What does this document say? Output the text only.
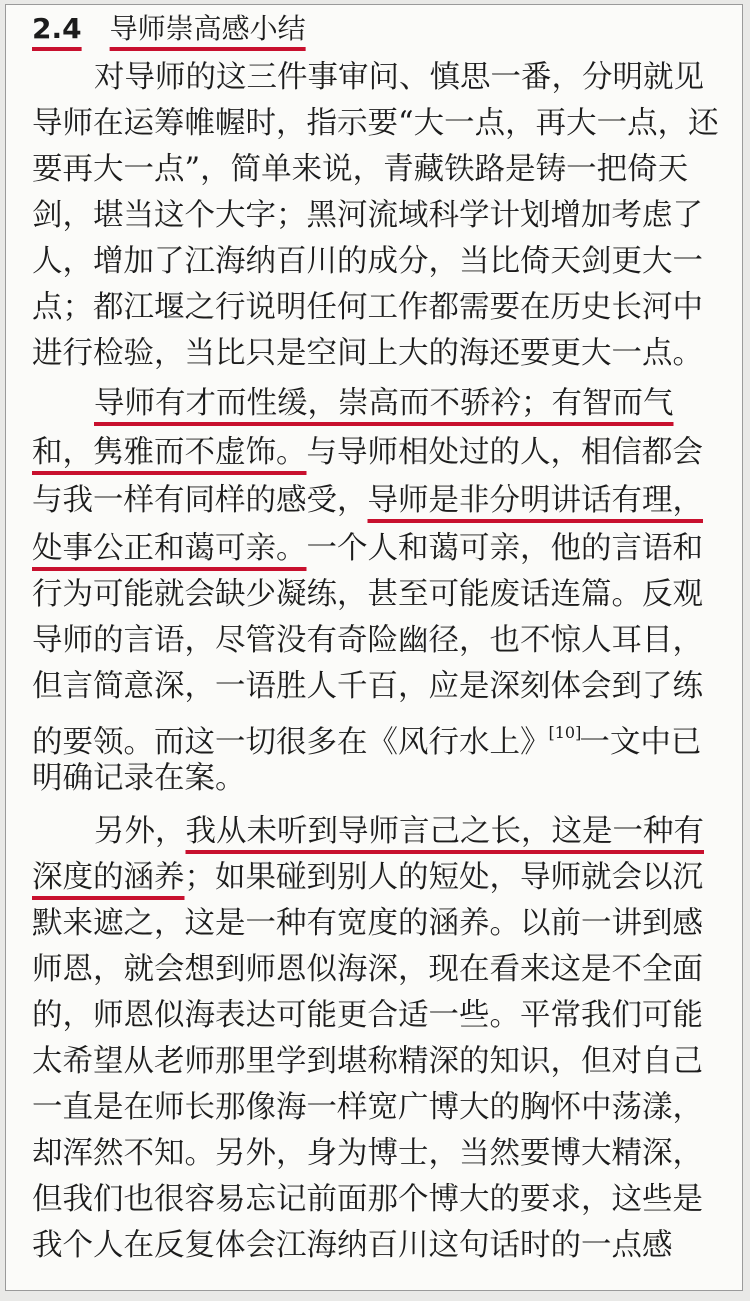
2.4 导师崇高感小结
对导师的这三件事审问、慎思一番，分明就见
导师在运筹帷幄时，指示要“大一点，再大一点，还
要再大一点”，简单来说，青藏铁路是铸一把倚天
剑，堪当这个大字；黑河流域科学计划增加考虑了
人，增加了江海纳百川的成分，当比倚天剑更大一
点；都江堰之行说明任何工作都需要在历史长河中
进行检验，当比只是空间上大的海还要更大一点。
导师有才而性缓，崇高而不骄衿；有智而气
和，隽雅而不虚饰。与导师相处过的人，相信都会
与我一样有同样的感受，导师是非分明讲话有理，
处事公正和蔼可亲。一个人和蔼可亲，他的言语和
行为可能就会缺少凝练，甚至可能废话连篇。反观
导师的言语，尽管没有奇险幽径，也不惊人耳目，
但言简意深，一语胜人千百，应是深刻体会到了练
的要领。而这一切很多在《风行水上》[10]一文中已
明确记录在案。
另外，我从未听到导师言己之长，这是一种有
深度的涵养；如果碰到别人的短处，导师就会以沉
默来遮之，这是一种有宽度的涵养。以前一讲到感
师恩，就会想到师恩似海深，现在看来这是不全面
的，师恩似海表达可能更合适一些。平常我们可能
太希望从老师那里学到堪称精深的知识，但对自己
一直是在师长那像海一样宽广博大的胸怀中荡漾，
却浑然不知。另外，身为博士，当然要博大精深，
但我们也很容易忘记前面那个博大的要求，这些是
我个人在反复体会江海纳百川这句话时的一点感
